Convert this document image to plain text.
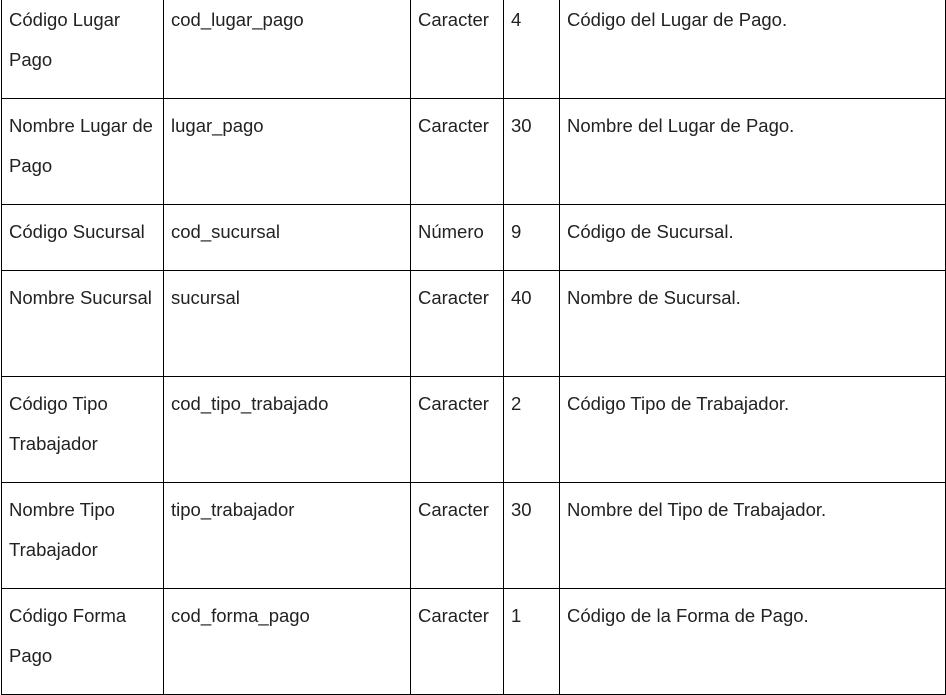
Código Lugar Pago	cod_lugar_pago	Caracter	4	Código del Lugar de Pago.
Nombre Lugar de Pago	lugar_pago	Caracter	30	Nombre del Lugar de Pago.
Código Sucursal	cod_sucursal	Número	9	Código de Sucursal.
Nombre Sucursal	sucursal	Caracter	40	Nombre de Sucursal.
Código Tipo Trabajador	cod_tipo_trabajado	Caracter	2	Código Tipo de Trabajador.
Nombre Tipo Trabajador	tipo_trabajador	Caracter	30	Nombre del Tipo de Trabajador.
Código Forma Pago	cod_forma_pago	Caracter	1	Código de la Forma de Pago.
